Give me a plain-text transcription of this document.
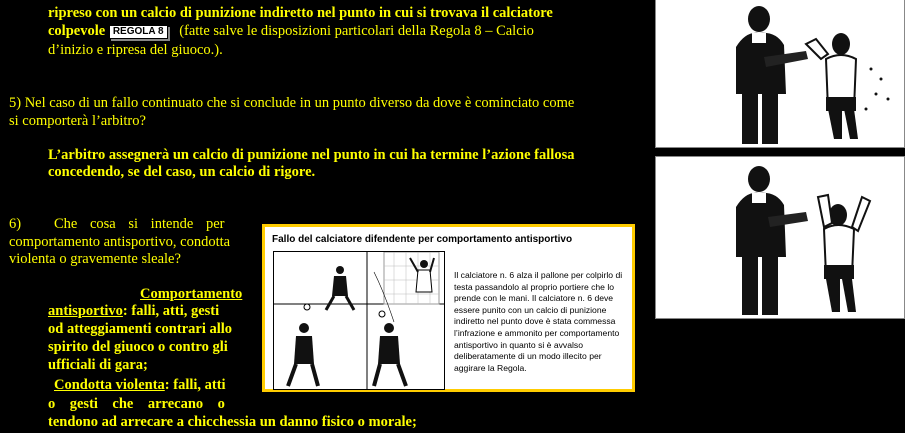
ripreso con un calcio di punizione indiretto nel punto in cui si trovava il calciatore
colpevole REGOLA 8 (fatte salve le disposizioni particolari della Regola 8 – Calcio
d’inizio e ripresa del giuoco.).
5) Nel caso di un fallo continuato che si conclude in un punto diverso da dove è cominciato come
si comporterà l’arbitro?
L’arbitro assegnerà un calcio di punizione nel punto in cui ha termine l’azione fallosa
concedendo, se del caso, un calcio di rigore.
6) Che cosa si intende per
comportamento antisportivo, condotta
violenta o gravemente sleale?
Comportamento
antisportivo: falli, atti, gesti
od atteggiamenti contrari allo
spirito del giuoco o contro gli
ufficiali di gara;
Condotta violenta: falli, atti
o    gesti    che    arrecano    o
tendono ad arrecare a chicchessia un danno fisico o morale;
Fallo del calciatore difendente per comportamento antisportivo
Il calciatore n. 6 alza il pallone per colpirlo di testa passandolo al proprio portiere che lo prende con le mani. Il calciatore n. 6 deve essere punito con un calcio di punizione indiretto nel punto dove è stata commessa l’infrazione e ammonito per comportamento antisportivo in quanto si è avvalso deliberatamente di un modo illecito per aggirare la Regola.
